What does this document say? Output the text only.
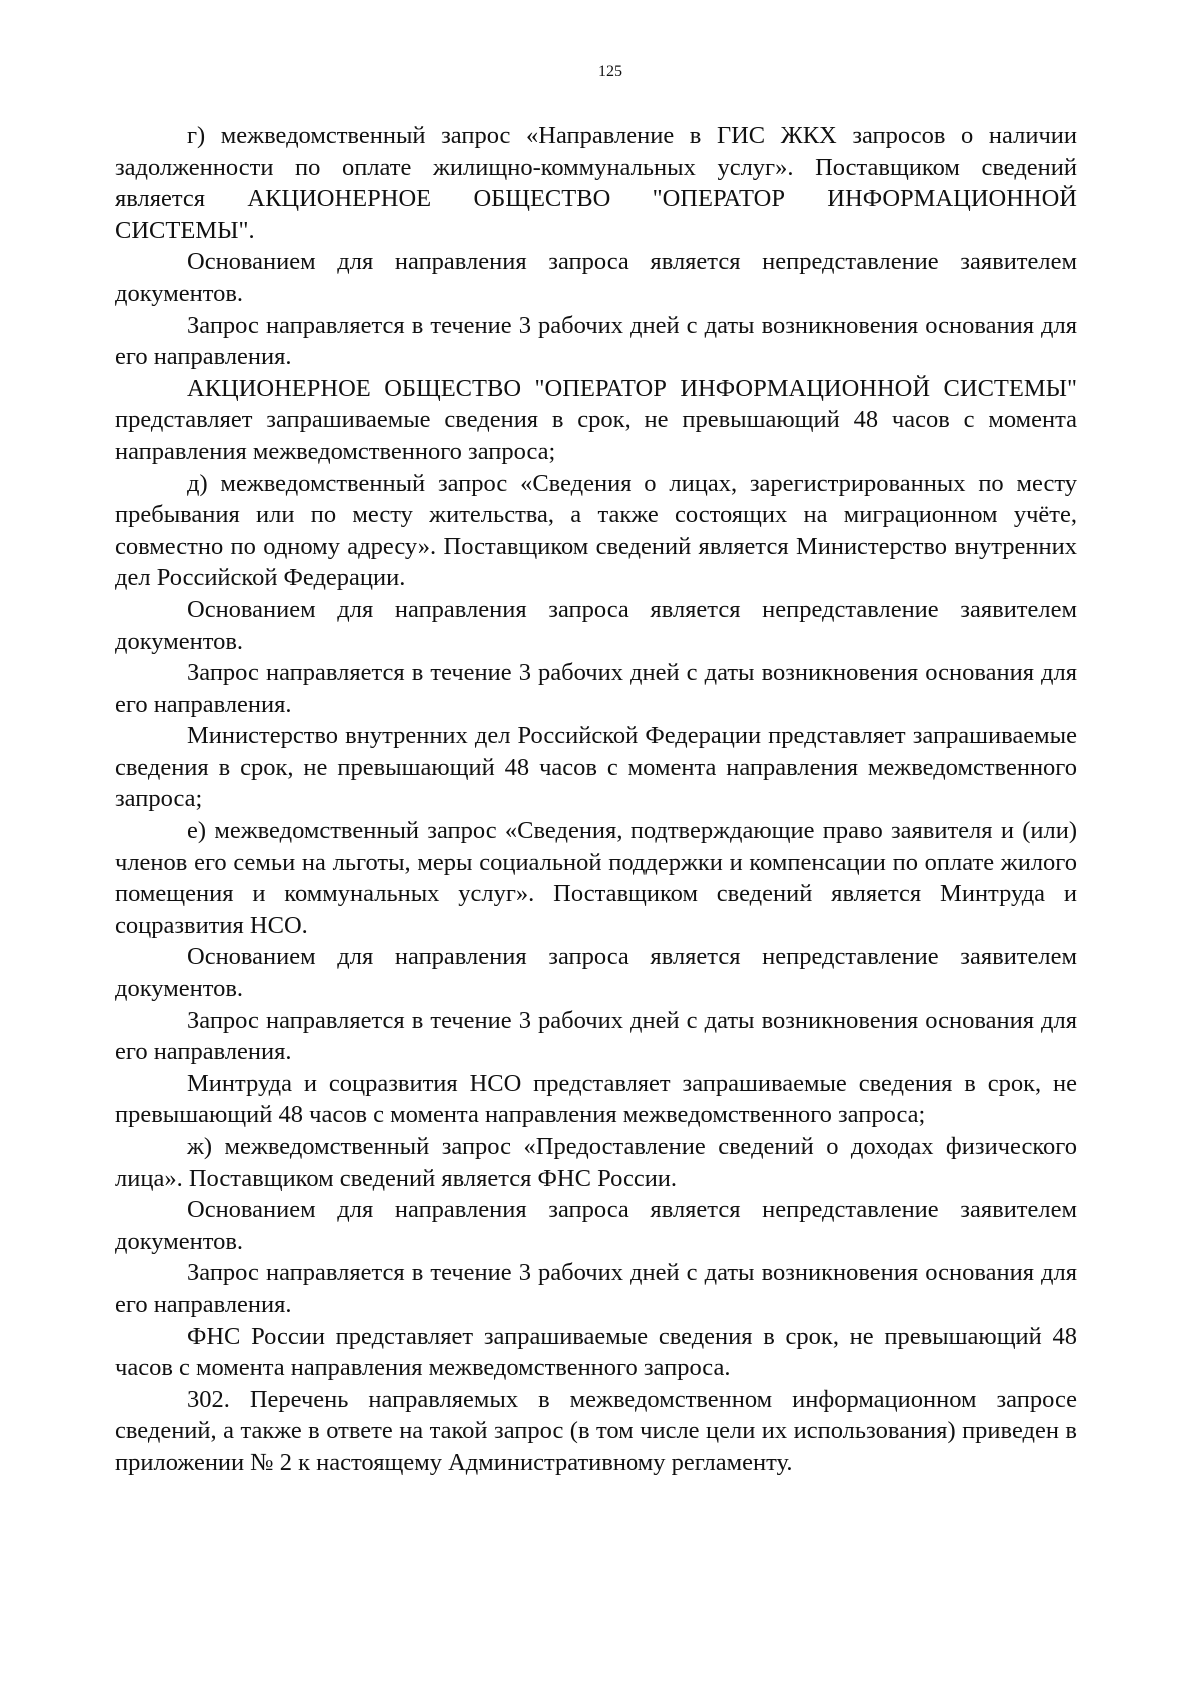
125

г) межведомственный запрос «Направление в ГИС ЖКХ запросов о наличии задолженности по оплате жилищно-коммунальных услуг». Поставщиком сведений является АКЦИОНЕРНОЕ ОБЩЕСТВО "ОПЕРАТОР ИНФОРМАЦИОННОЙ СИСТЕМЫ".

Основанием для направления запроса является непредставление заявителем документов.

Запрос направляется в течение 3 рабочих дней с даты возникновения основания для его направления.

АКЦИОНЕРНОЕ ОБЩЕСТВО "ОПЕРАТОР ИНФОРМАЦИОННОЙ СИСТЕМЫ" представляет запрашиваемые сведения в срок, не превышающий 48 часов с момента направления межведомственного запроса;

д) межведомственный запрос «Сведения о лицах, зарегистрированных по месту пребывания или по месту жительства, а также состоящих на миграционном учёте, совместно по одному адресу». Поставщиком сведений является Министерство внутренних дел Российской Федерации.

Основанием для направления запроса является непредставление заявителем документов.

Запрос направляется в течение 3 рабочих дней с даты возникновения основания для его направления.

Министерство внутренних дел Российской Федерации представляет запрашиваемые сведения в срок, не превышающий 48 часов с момента направления межведомственного запроса;

е) межведомственный запрос «Сведения, подтверждающие право заявителя и (или) членов его семьи на льготы, меры социальной поддержки и компенсации по оплате жилого помещения и коммунальных услуг». Поставщиком сведений является Минтруда и соцразвития НСО.

Основанием для направления запроса является непредставление заявителем документов.

Запрос направляется в течение 3 рабочих дней с даты возникновения основания для его направления.

Минтруда и соцразвития НСО представляет запрашиваемые сведения в срок, не превышающий 48 часов с момента направления межведомственного запроса;

ж) межведомственный запрос «Предоставление сведений о доходах физического лица». Поставщиком сведений является ФНС России.

Основанием для направления запроса является непредставление заявителем документов.

Запрос направляется в течение 3 рабочих дней с даты возникновения основания для его направления.

ФНС России представляет запрашиваемые сведения в срок, не превышающий 48 часов с момента направления межведомственного запроса.

302. Перечень направляемых в межведомственном информационном запросе сведений, а также в ответе на такой запрос (в том числе цели их использования) приведен в приложении № 2 к настоящему Административному регламенту.
